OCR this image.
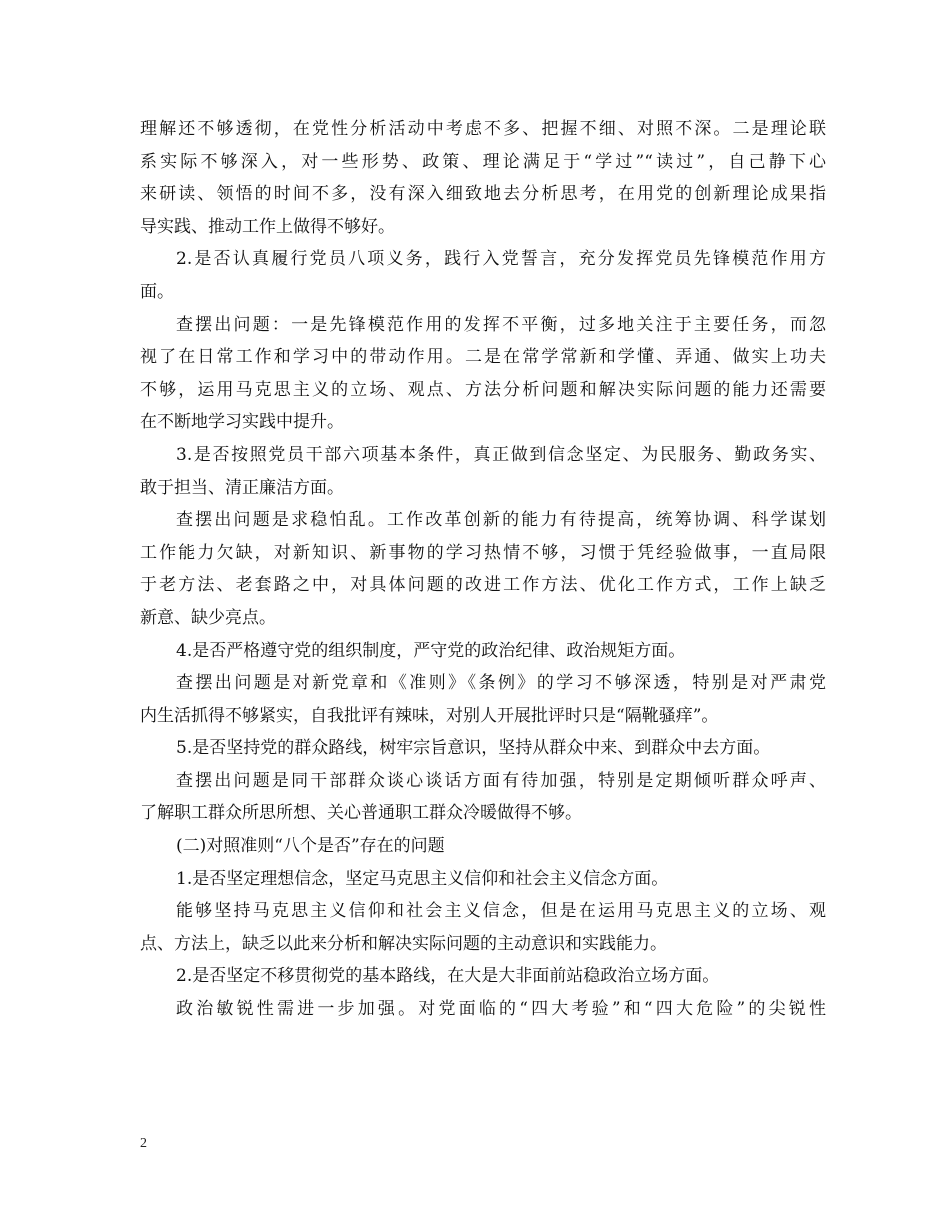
理解还不够透彻，在党性分析活动中考虑不多、把握不细、对照不深。二是理论联
系实际不够深入，对一些形势、政策、理论满足于“学过”“读过”，自己静下心
来研读、领悟的时间不多，没有深入细致地去分析思考，在用党的创新理论成果指
导实践、推动工作上做得不够好。
2.是否认真履行党员八项义务，践行入党誓言，充分发挥党员先锋模范作用方
面。
查摆出问题：一是先锋模范作用的发挥不平衡，过多地关注于主要任务，而忽
视了在日常工作和学习中的带动作用。二是在常学常新和学懂、弄通、做实上功夫
不够，运用马克思主义的立场、观点、方法分析问题和解决实际问题的能力还需要
在不断地学习实践中提升。
3.是否按照党员干部六项基本条件，真正做到信念坚定、为民服务、勤政务实、
敢于担当、清正廉洁方面。
查摆出问题是求稳怕乱。工作改革创新的能力有待提高，统筹协调、科学谋划
工作能力欠缺，对新知识、新事物的学习热情不够，习惯于凭经验做事，一直局限
于老方法、老套路之中，对具体问题的改进工作方法、优化工作方式，工作上缺乏
新意、缺少亮点。
4.是否严格遵守党的组织制度，严守党的政治纪律、政治规矩方面。
查摆出问题是对新党章和《准则》《条例》的学习不够深透，特别是对严肃党
内生活抓得不够紧实，自我批评有辣味，对别人开展批评时只是“隔靴骚痒”。
5.是否坚持党的群众路线，树牢宗旨意识，坚持从群众中来、到群众中去方面。
查摆出问题是同干部群众谈心谈话方面有待加强，特别是定期倾听群众呼声、
了解职工群众所思所想、关心普通职工群众冷暖做得不够。
(二)对照准则“八个是否”存在的问题
1.是否坚定理想信念，坚定马克思主义信仰和社会主义信念方面。
能够坚持马克思主义信仰和社会主义信念，但是在运用马克思主义的立场、观
点、方法上，缺乏以此来分析和解决实际问题的主动意识和实践能力。
2.是否坚定不移贯彻党的基本路线，在大是大非面前站稳政治立场方面。
政治敏锐性需进一步加强。对党面临的“四大考验”和“四大危险”的尖锐性
2
